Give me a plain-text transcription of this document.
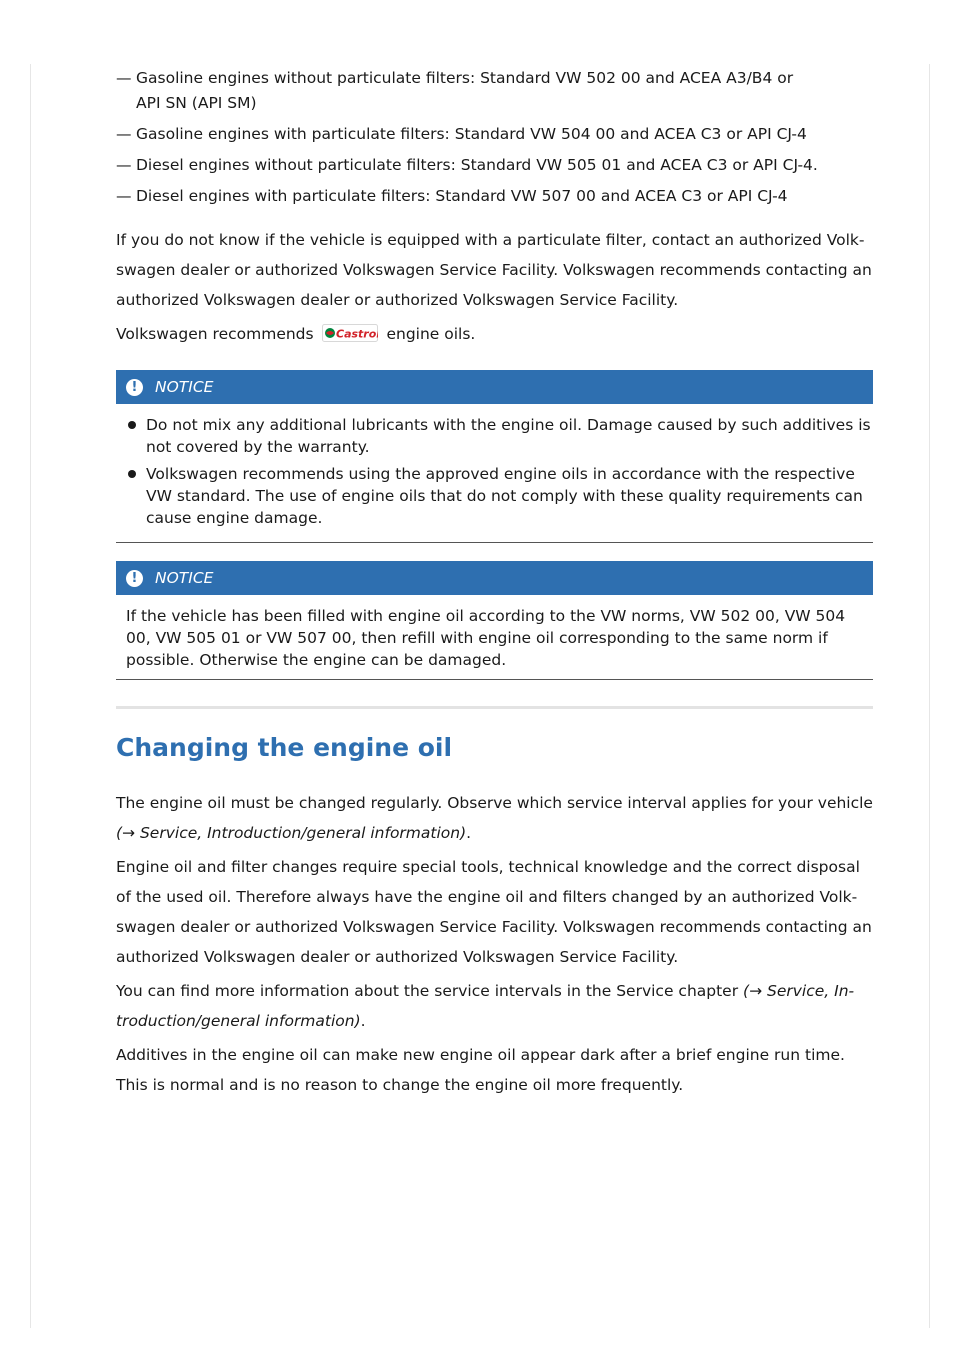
— Gasoline engines without particulate filters: Standard VW 502 00 and ACEA A3/B4 or
API SN (API SM)
— Gasoline engines with particulate filters: Standard VW 504 00 and ACEA C3 or API CJ-4
— Diesel engines without particulate filters: Standard VW 505 01 and ACEA C3 or API CJ-4.
— Diesel engines with particulate filters: Standard VW 507 00 and ACEA C3 or API CJ-4

If you do not know if the vehicle is equipped with a particulate filter, contact an authorized Volk-swagen dealer or authorized Volkswagen Service Facility. Volkswagen recommends contacting an authorized Volkswagen dealer or authorized Volkswagen Service Facility.

Volkswagen recommends Castrol engine oils.

!	NOTICE
Do not mix any additional lubricants with the engine oil. Damage caused by such additives is not covered by the warranty.
Volkswagen recommends using the approved engine oils in accordance with the respective VW standard. The use of engine oils that do not comply with these quality requirements can cause engine damage.
!	NOTICE

If the vehicle has been filled with engine oil according to the VW norms, VW 502 00, VW 504 00, VW 505 01 or VW 507 00, then refill with engine oil corresponding to the same norm if possible. Otherwise the engine can be damaged.

Changing the engine oil

The engine oil must be changed regularly. Observe which service interval applies for your vehicle (→ Service, Introduction/general information).

Engine oil and filter changes require special tools, technical knowledge and the correct disposal of the used oil. Therefore always have the engine oil and filters changed by an authorized Volk-swagen dealer or authorized Volkswagen Service Facility. Volkswagen recommends contacting an authorized Volkswagen dealer or authorized Volkswagen Service Facility.

You can find more information about the service intervals in the Service chapter (→ Service, In-troduction/general information).

Additives in the engine oil can make new engine oil appear dark after a brief engine run time. This is normal and is no reason to change the engine oil more frequently.
